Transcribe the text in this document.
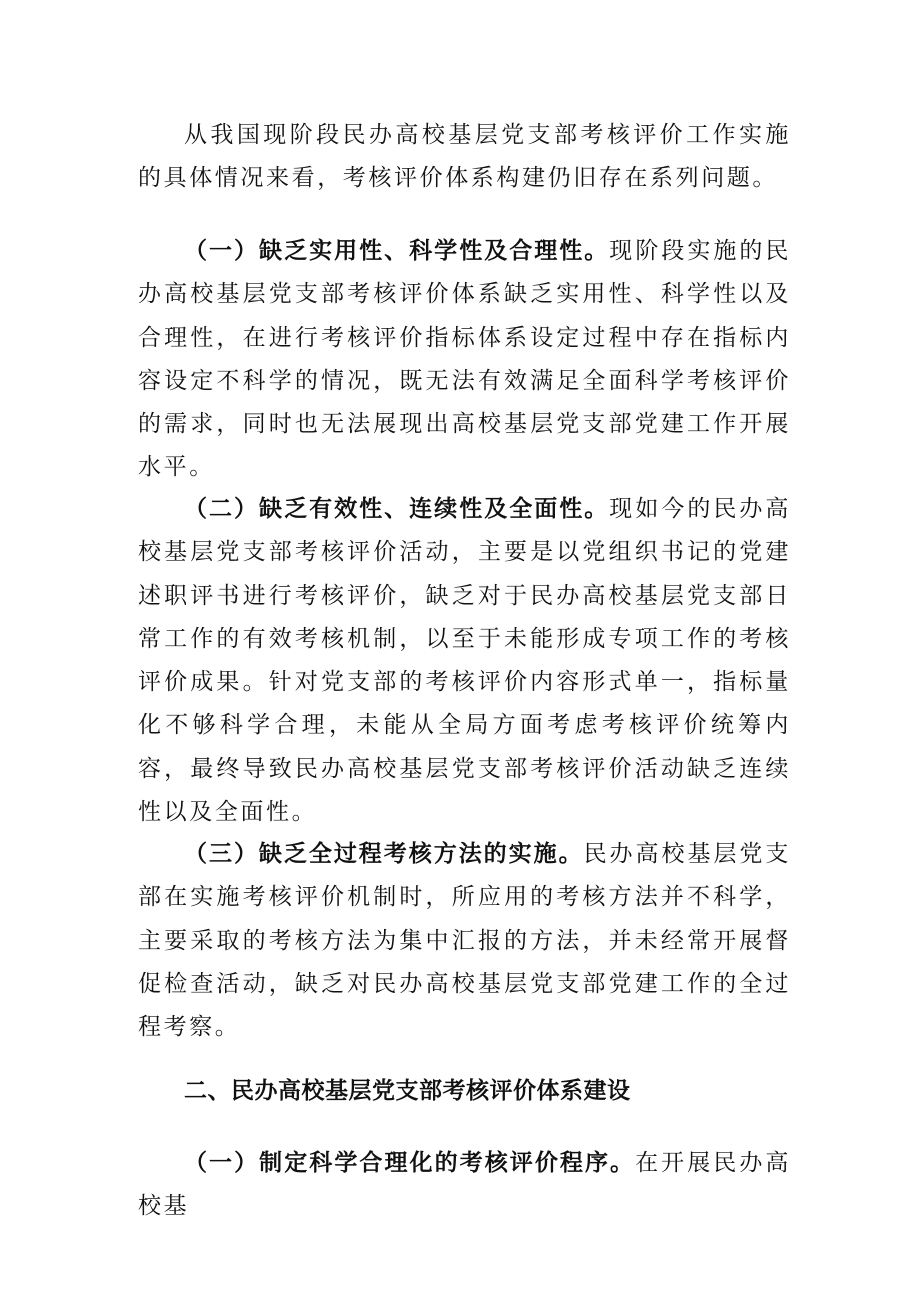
从我国现阶段民办高校基层党支部考核评价工作实施的具体情况来看，考核评价体系构建仍旧存在系列问题。

（一）缺乏实用性、科学性及合理性。现阶段实施的民办高校基层党支部考核评价体系缺乏实用性、科学性以及合理性，在进行考核评价指标体系设定过程中存在指标内容设定不科学的情况，既无法有效满足全面科学考核评价的需求，同时也无法展现出高校基层党支部党建工作开展水平。

（二）缺乏有效性、连续性及全面性。现如今的民办高校基层党支部考核评价活动，主要是以党组织书记的党建述职评书进行考核评价，缺乏对于民办高校基层党支部日常工作的有效考核机制，以至于未能形成专项工作的考核评价成果。针对党支部的考核评价内容形式单一，指标量化不够科学合理，未能从全局方面考虑考核评价统筹内容，最终导致民办高校基层党支部考核评价活动缺乏连续性以及全面性。

（三）缺乏全过程考核方法的实施。民办高校基层党支部在实施考核评价机制时，所应用的考核方法并不科学，主要采取的考核方法为集中汇报的方法，并未经常开展督促检查活动，缺乏对民办高校基层党支部党建工作的全过程考察。

二、民办高校基层党支部考核评价体系建设

（一）制定科学合理化的考核评价程序。在开展民办高校基
